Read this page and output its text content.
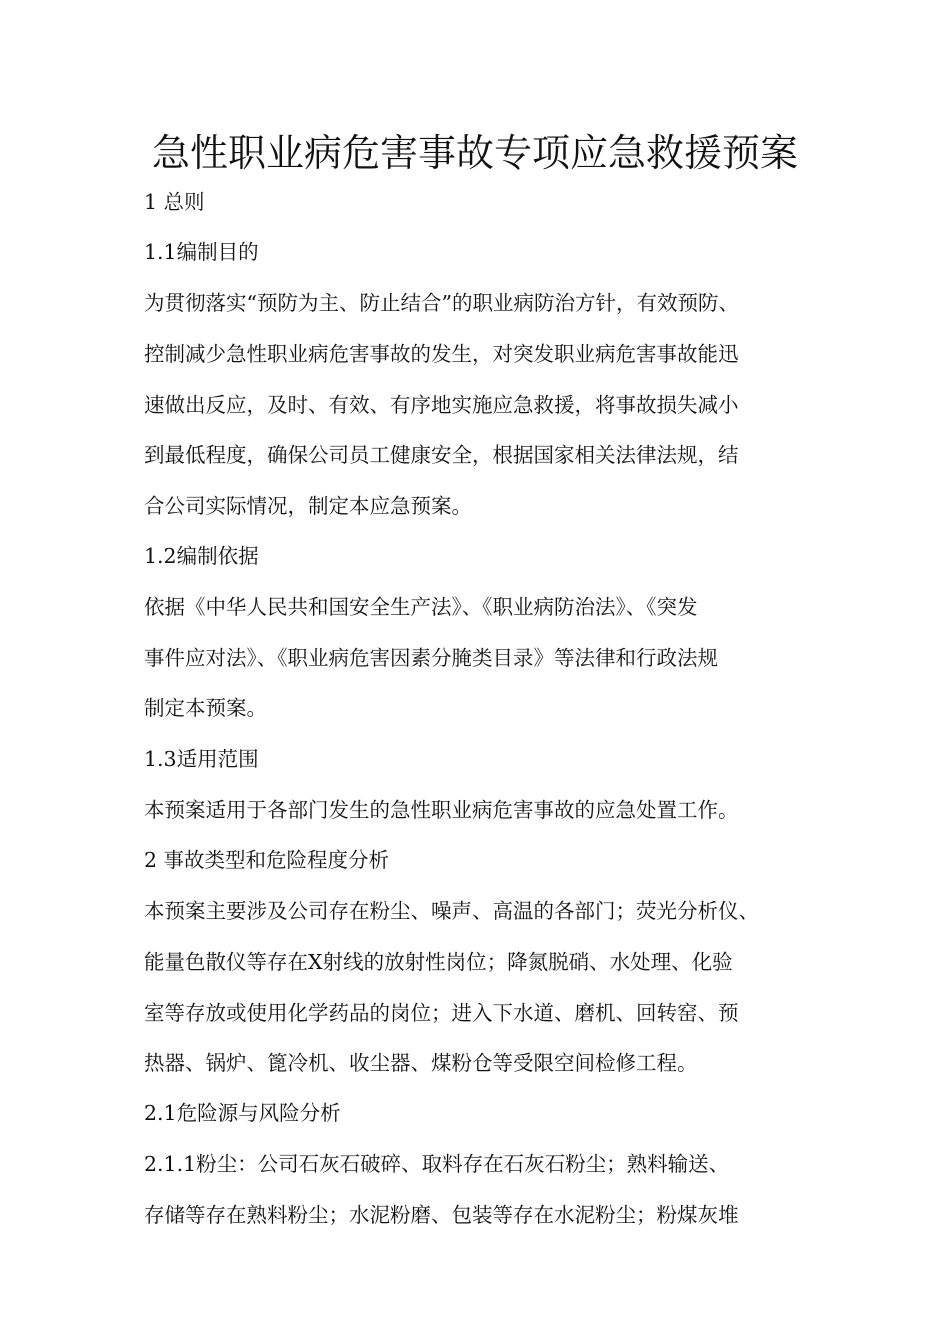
急性职业病危害事故专项应急救援预案
1 总则
1.1编制目的
为贯彻落实“预防为主、防止结合”的职业病防治方针，有效预防、
控制减少急性职业病危害事故的发生，对突发职业病危害事故能迅
速做出反应，及时、有效、有序地实施应急救援，将事故损失减小
到最低程度，确保公司员工健康安全，根据国家相关法律法规，结
合公司实际情况，制定本应急预案。
1.2编制依据
依据《中华人民共和国安全生产法》、《职业病防治法》、《突发
事件应对法》、《职业病危害因素分腌类目录》等法律和行政法规
制定本预案。
1.3适用范围
本预案适用于各部门发生的急性职业病危害事故的应急处置工作。
2 事故类型和危险程度分析
本预案主要涉及公司存在粉尘、噪声、高温的各部门；荧光分析仪、
能量色散仪等存在X射线的放射性岗位；降氮脱硝、水处理、化验
室等存放或使用化学药品的岗位；进入下水道、磨机、回转窑、预
热器、锅炉、篦冷机、收尘器、煤粉仓等受限空间检修工程。
2.1危险源与风险分析
2.1.1粉尘：公司石灰石破碎、取料存在石灰石粉尘；熟料输送、
存储等存在熟料粉尘；水泥粉磨、包装等存在水泥粉尘；粉煤灰堆
